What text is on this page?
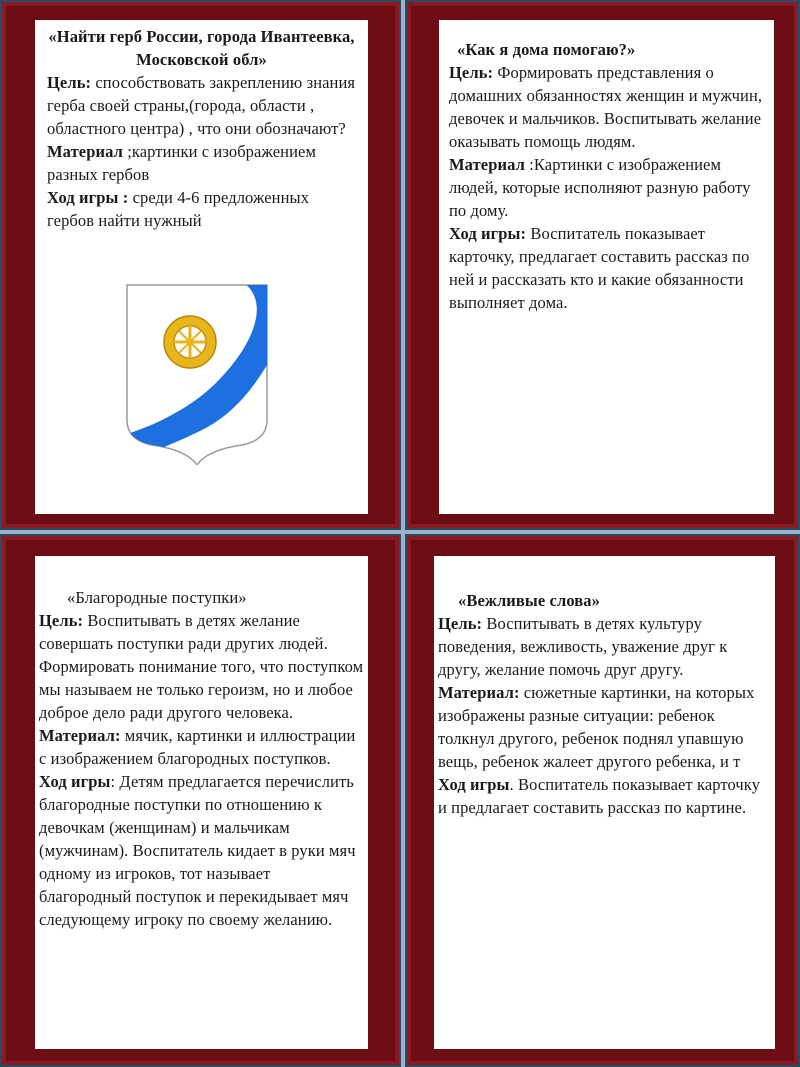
«Найти герб России, города Ивантеевка, Московской обл»

Цель: способствовать закреплению знания герба своей страны,(города, области , областного центра) , что они обозначают?

Материал ;картинки с изображением разных гербов

Ход игры : среди 4-6 предложенных гербов найти нужный

«Как я дома помогаю?»

Цель: Формировать представления о домашних обязанностях женщин и мужчин, девочек и мальчиков. Воспитывать желание оказывать помощь людям.

Материал :Картинки с изображением людей, которые исполняют разную работу по дому.

Ход игры: Воспитатель показывает карточку, предлагает составить рассказ по ней и рассказать кто и какие обязанности выполняет дома.

«Благородные поступки»

Цель: Воспитывать в детях желание совершать поступки ради других людей. Формировать понимание того, что поступком мы называем не только героизм, но и любое доброе дело ради другого человека.

Материал: мячик, картинки и иллюстрации с изображением благородных поступков.

Ход игры: Детям предлагается перечислить благородные поступки по отношению к девочкам (женщинам) и мальчикам (мужчинам). Воспитатель кидает в руки мяч одному из игроков, тот называет благородный поступок и перекидывает мяч следующему игроку по своему желанию.

«Вежливые слова»

Цель: Воспитывать в детях культуру поведения, вежливость, уважение друг к другу, желание помочь друг другу.

Материал: сюжетные картинки, на которых изображены разные ситуации: ребенок толкнул другого, ребенок поднял упавшую вещь, ребенок жалеет другого ребенка, и т

Ход игры. Воспитатель показывает карточку и предлагает составить рассказ по картине.
